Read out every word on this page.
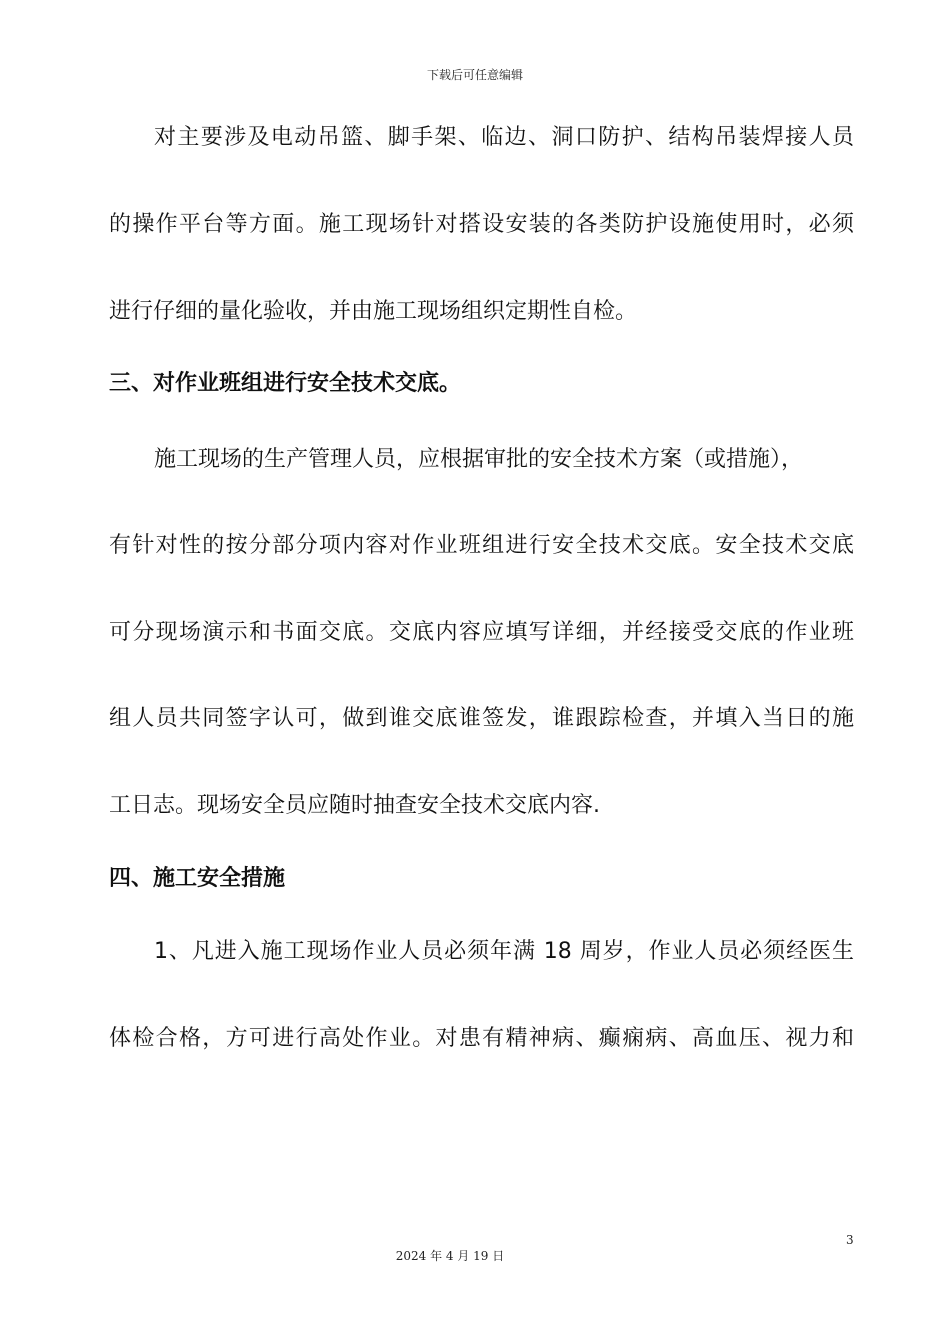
下载后可任意编辑
对主要涉及电动吊篮、脚手架、临边、洞口防护、结构吊装焊接人员
的操作平台等方面。施工现场针对搭设安装的各类防护设施使用时，必须
进行仔细的量化验收，并由施工现场组织定期性自检。
三、对作业班组进行安全技术交底。
施工现场的生产管理人员，应根据审批的安全技术方案（或措施），
有针对性的按分部分项内容对作业班组进行安全技术交底。安全技术交底
可分现场演示和书面交底。交底内容应填写详细，并经接受交底的作业班
组人员共同签字认可，做到谁交底谁签发，谁跟踪检查，并填入当日的施
工日志。现场安全员应随时抽查安全技术交底内容.
四、施工安全措施
1、凡进入施工现场作业人员必须年满 18 周岁，作业人员必须经医生
体检合格，方可进行高处作业。对患有精神病、癫痫病、高血压、视力和
3
2024 年 4 月 19 日
